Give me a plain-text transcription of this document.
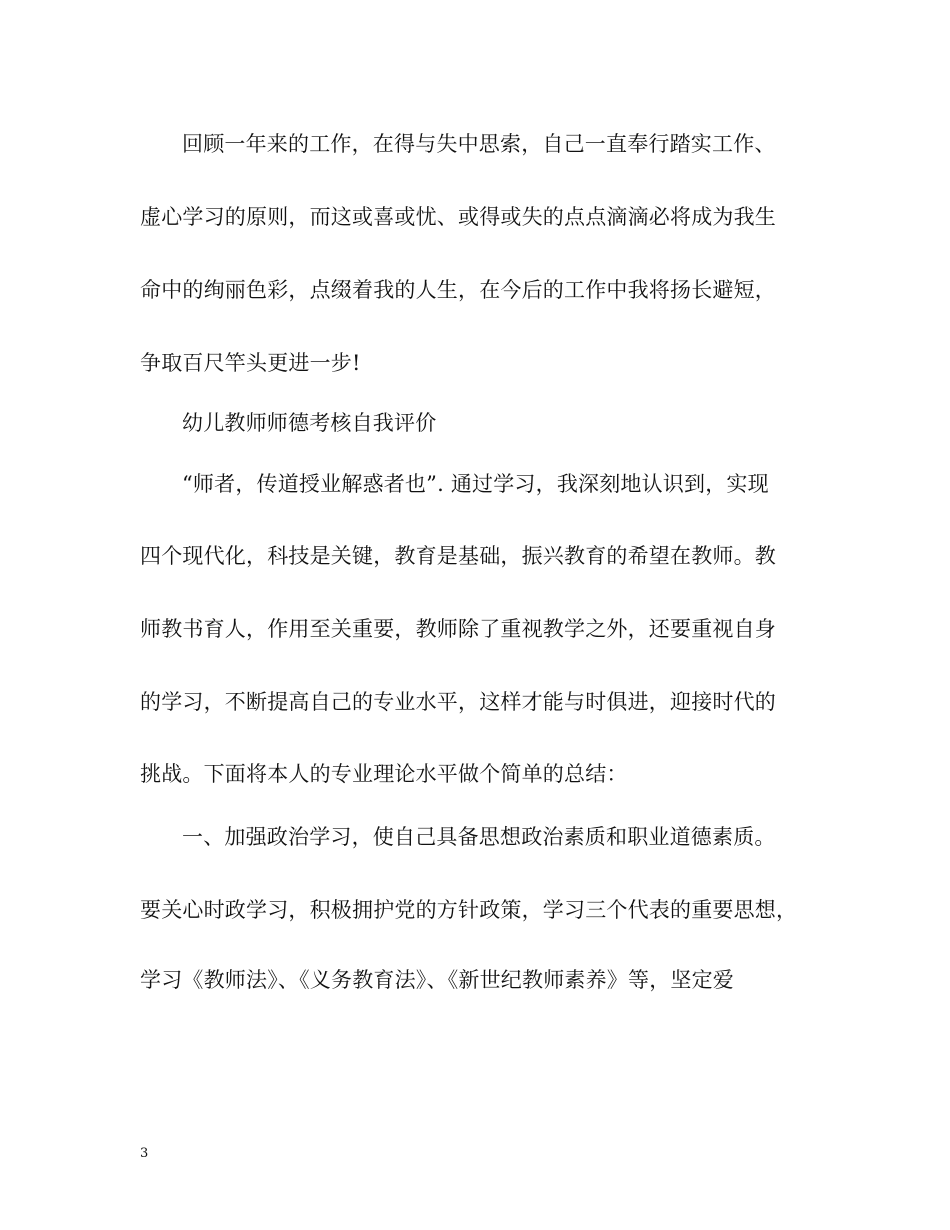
回顾一年来的工作，在得与失中思索，自己一直奉行踏实工作、
虚心学习的原则，而这或喜或忧、或得或失的点点滴滴必将成为我生
命中的绚丽色彩，点缀着我的人生，在今后的工作中我将扬长避短，
争取百尺竿头更进一步!
幼儿教师师德考核自我评价
“师者，传道授业解惑者也”. 通过学习，我深刻地认识到，实现
四个现代化，科技是关键，教育是基础，振兴教育的希望在教师。教
师教书育人，作用至关重要，教师除了重视教学之外，还要重视自身
的学习，不断提高自己的专业水平，这样才能与时俱进，迎接时代的
挑战。下面将本人的专业理论水平做个简单的总结：
一、加强政治学习，使自己具备思想政治素质和职业道德素质。
要关心时政学习，积极拥护党的方针政策，学习三个代表的重要思想，
学习《教师法》、《义务教育法》、《新世纪教师素养》等，坚定爱
3
